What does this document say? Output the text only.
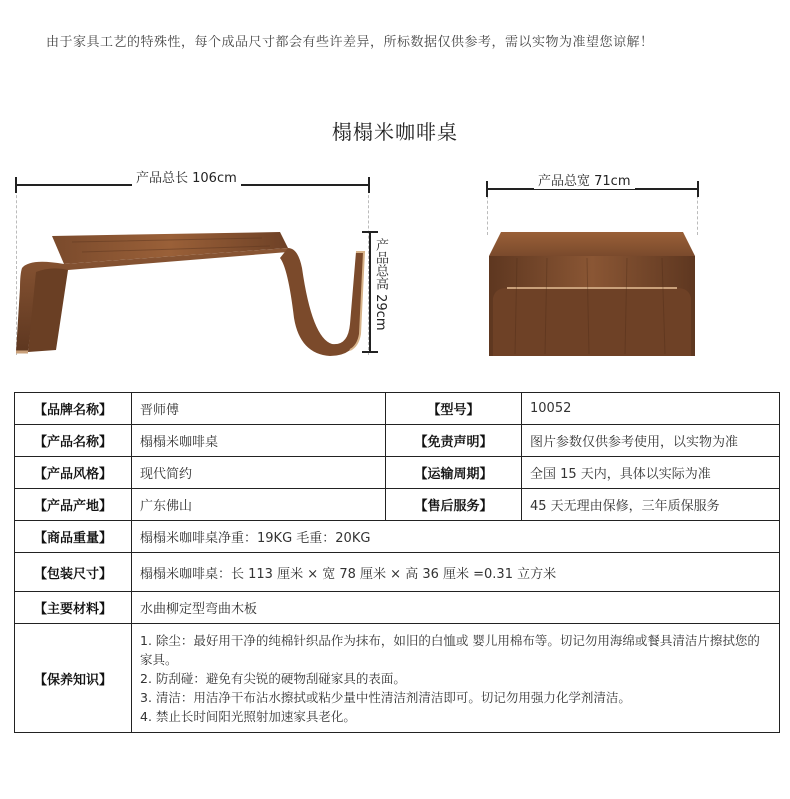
由于家具工艺的特殊性，每个成品尺寸都会有些许差异，所标数据仅供参考，需以实物为准望您谅解！
榻榻米咖啡桌
产品总长 106cm
产品总高 29cm
产品总宽 71cm
【品牌名称】	晋师傅	【型号】	10052
【产品名称】	榻榻米咖啡桌	【免责声明】	图片参数仅供参考使用，以实物为准
【产品风格】	现代简约	【运输周期】	全国 15 天内，具体以实际为准
【产品产地】	广东佛山	【售后服务】	45 天无理由保修，三年质保服务
【商品重量】	榻榻米咖啡桌净重：19KG 毛重：20KG		
【包装尺寸】	榻榻米咖啡桌：长 113 厘米 × 宽 78 厘米 × 高 36 厘米 =0.31 立方米		
【主要材料】	水曲柳定型弯曲木板		
【保养知识】	1. 除尘：最好用干净的纯棉针织品作为抹布，如旧的白恤或 婴儿用棉布等。切记勿用海绵或餐具清洁片擦拭您的家具。
2. 防刮碰：避免有尖锐的硬物刮碰家具的表面。
3. 清洁：用洁净干布沾水擦拭或粘少量中性清洁剂清洁即可。切记勿用强力化学剂清洁。
4. 禁止长时间阳光照射加速家具老化。		
